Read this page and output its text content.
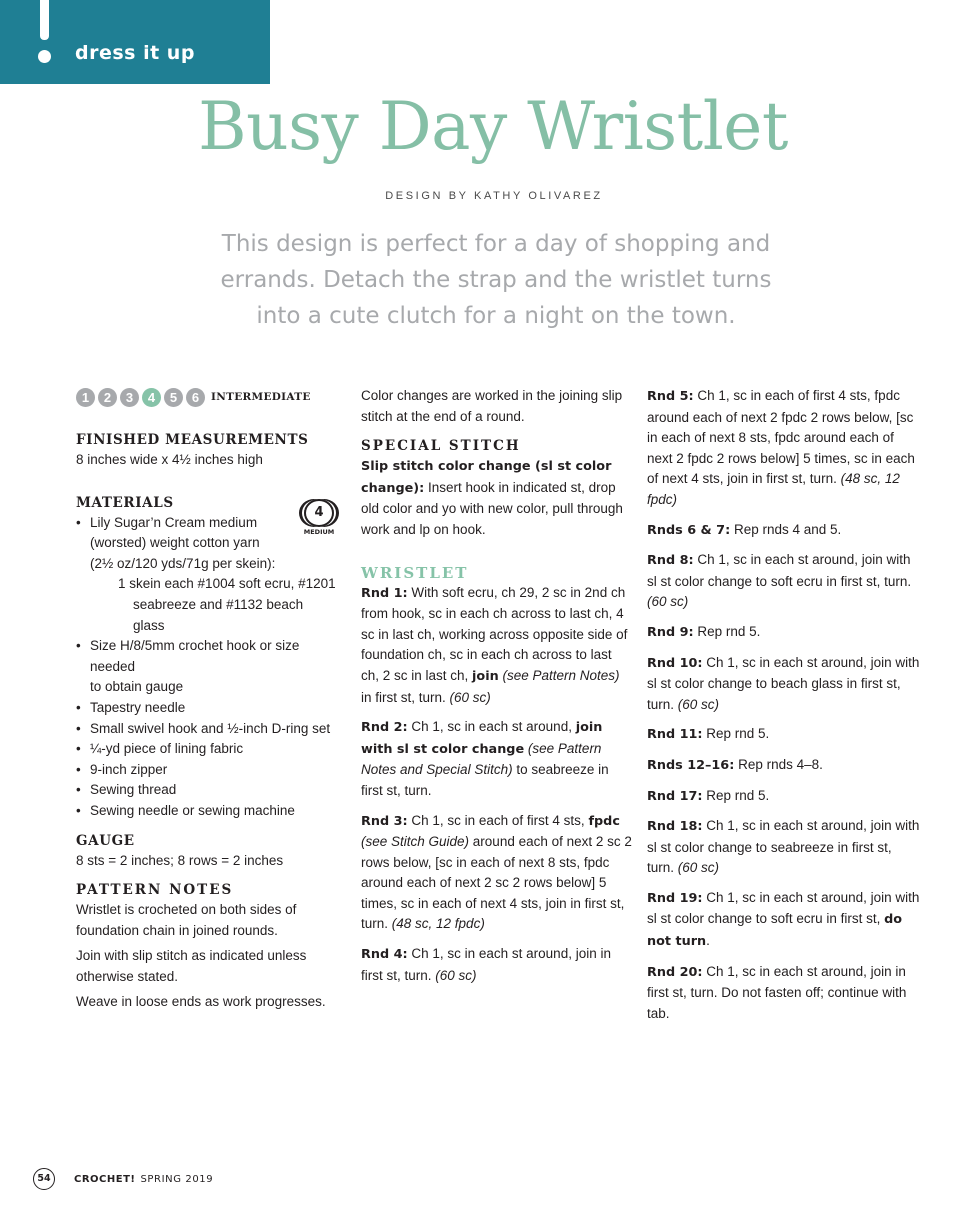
dress it up
Busy Day Wristlet
DESIGN BY KATHY OLIVAREZ
This design is perfect for a day of shopping and errands. Detach the strap and the wristlet turns into a cute clutch for a night on the town.
1	2	3	4	5	6	INTERMEDIATE
FINISHED MEASUREMENTS

8 inches wide x 4½ inches high

MATERIALS
• Lily Sugar’n Cream medium
(worsted) weight cotton yarn
(2½ oz/120 yds/71g per skein):
1 skein each #1004 soft ecru, #1201
seabreeze and #1132 beach glass
• Size H/8/5mm crochet hook or size needed
to obtain gauge
• Tapestry needle
• Small swivel hook and ½-inch D-ring set
• ¼-yd piece of lining fabric
• 9-inch zipper
• Sewing thread
• Sewing needle or sewing machine
4
MEDIUM
GAUGE

8 sts = 2 inches; 8 rows = 2 inches

PATTERN NOTES

Wristlet is crocheted on both sides of foundation chain in joined rounds.

Join with slip stitch as indicated unless otherwise stated.

Weave in loose ends as work progresses.

Color changes are worked in the joining slip stitch at the end of a round.

SPECIAL STITCH

Slip stitch color change (sl st color change): Insert hook in indicated st, drop old color and yo with new color, pull through work and lp on hook.

WRISTLET

Rnd 1: With soft ecru, ch 29, 2 sc in 2nd ch from hook, sc in each ch across to last ch, 4 sc in last ch, working across opposite side of foundation ch, sc in each ch across to last ch, 2 sc in last ch, join (see Pattern Notes) in first st, turn. (60 sc)

Rnd 2: Ch 1, sc in each st around, join with sl st color change (see Pattern Notes and Special Stitch) to seabreeze in first st, turn.

Rnd 3: Ch 1, sc in each of first 4 sts, fpdc (see Stitch Guide) around each of next 2 sc 2 rows below, [sc in each of next 8 sts, fpdc around each of next 2 sc 2 rows below] 5 times, sc in each of next 4 sts, join in first st, turn. (48 sc, 12 fpdc)

Rnd 4: Ch 1, sc in each st around, join in first st, turn. (60 sc)

Rnd 5: Ch 1, sc in each of first 4 sts, fpdc around each of next 2 fpdc 2 rows below, [sc in each of next 8 sts, fpdc around each of next 2 fpdc 2 rows below] 5 times, sc in each of next 4 sts, join in first st, turn. (48 sc, 12 fpdc)

Rnds 6 & 7: Rep rnds 4 and 5.

Rnd 8: Ch 1, sc in each st around, join with sl st color change to soft ecru in first st, turn. (60 sc)

Rnd 9: Rep rnd 5.

Rnd 10: Ch 1, sc in each st around, join with sl st color change to beach glass in first st, turn. (60 sc)

Rnd 11: Rep rnd 5.

Rnds 12–16: Rep rnds 4–8.

Rnd 17: Rep rnd 5.

Rnd 18: Ch 1, sc in each st around, join with sl st color change to seabreeze in first st, turn. (60 sc)

Rnd 19: Ch 1, sc in each st around, join with sl st color change to soft ecru in first st, do not turn.

Rnd 20: Ch 1, sc in each st around, join in first st, turn. Do not fasten off; continue with tab.

54	CROCHET! SPRING 2019
